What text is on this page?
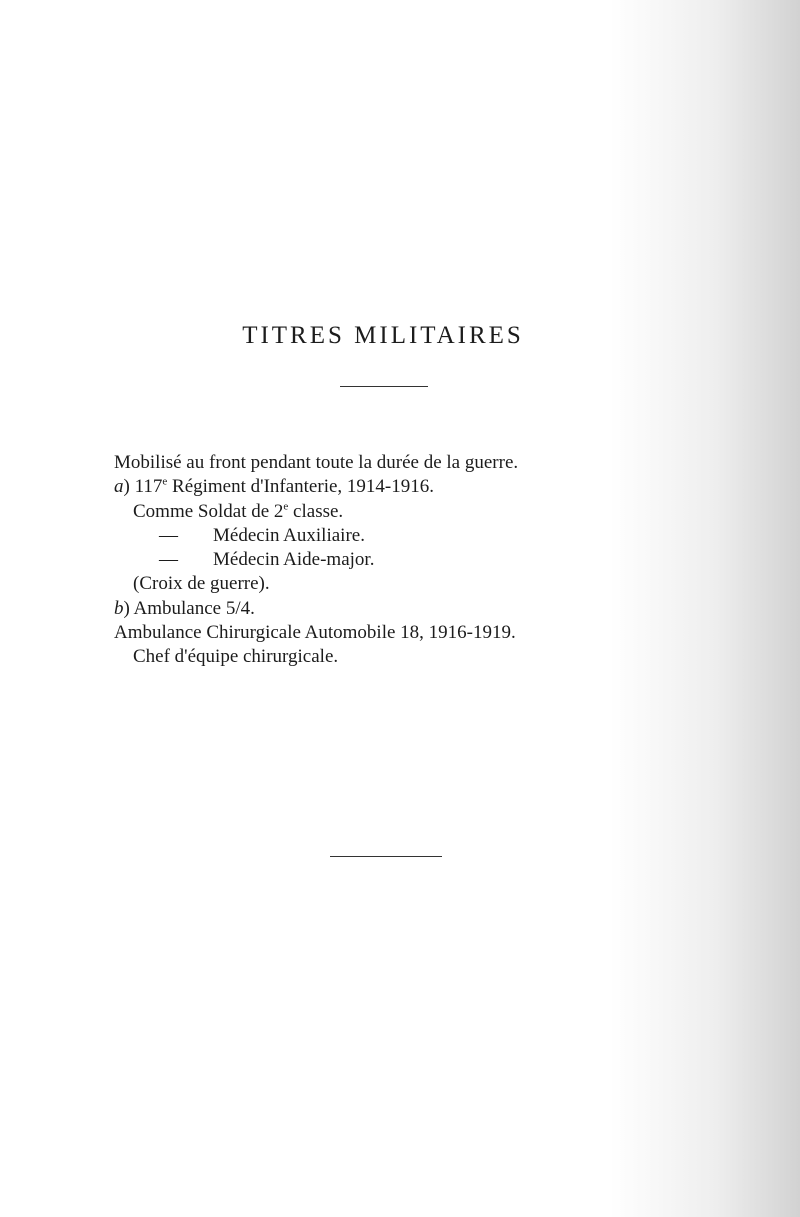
TITRES MILITAIRES
Mobilisé au front pendant toute la durée de la guerre.
a) 117e Régiment d'Infanterie, 1914-1916.
Comme Soldat de 2e classe.
— Médecin Auxiliaire.
— Médecin Aide-major.
(Croix de guerre).
b) Ambulance 5/4.
Ambulance Chirurgicale Automobile 18, 1916-1919.
Chef d'équipe chirurgicale.
